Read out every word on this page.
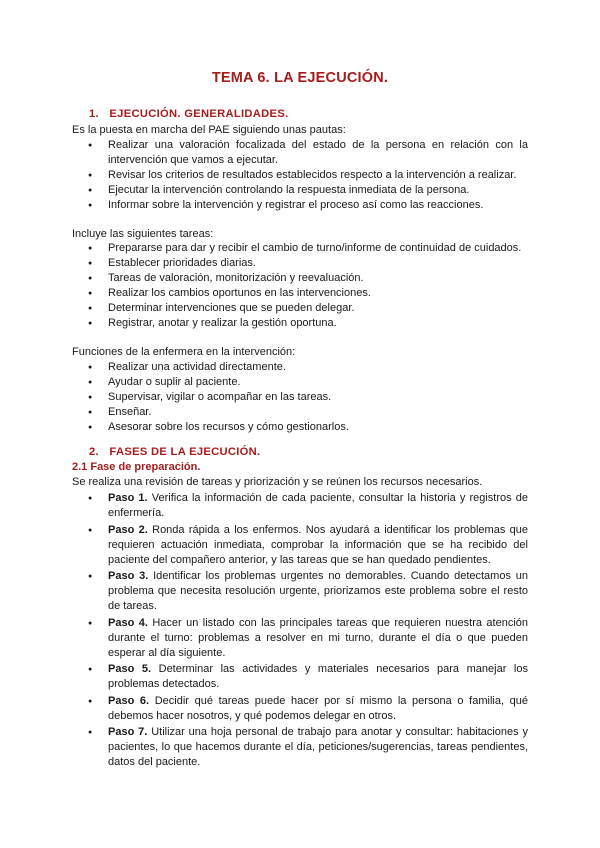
TEMA 6. LA EJECUCIÓN.
1. EJECUCIÓN. GENERALIDADES.
Es la puesta en marcha del PAE siguiendo unas pautas:
● Realizar una valoración focalizada del estado de la persona en relación con la intervención que vamos a ejecutar.
● Revisar los criterios de resultados establecidos respecto a la intervención a realizar.
● Ejecutar la intervención controlando la respuesta inmediata de la persona.
● Informar sobre la intervención y registrar el proceso así como las reacciones.
Incluye las siguientes tareas:
● Prepararse para dar y recibir el cambio de turno/informe de continuidad de cuidados.
● Establecer prioridades diarias.
● Tareas de valoración, monitorización y reevaluación.
● Realizar los cambios oportunos en las intervenciones.
● Determinar intervenciones que se pueden delegar.
● Registrar, anotar y realizar la gestión oportuna.
Funciones de la enfermera en la intervención:
● Realizar una actividad directamente.
● Ayudar o suplir al paciente.
● Supervisar, vigilar o acompañar en las tareas.
● Enseñar.
● Asesorar sobre los recursos y cómo gestionarlos.
2. FASES DE LA EJECUCIÓN.
2.1 Fase de preparación.
Se realiza una revisión de tareas y priorización y se reúnen los recursos necesarios.
● Paso 1. Verifica la información de cada paciente, consultar la historia y registros de enfermería.
● Paso 2. Ronda rápida a los enfermos. Nos ayudará a identificar los problemas que requieren actuación inmediata, comprobar la información que se ha recibido del paciente del compañero anterior, y las tareas que se han quedado pendientes.
● Paso 3. Identificar los problemas urgentes no demorables. Cuando detectamos un problema que necesita resolución urgente, priorizamos este problema sobre el resto de tareas.
● Paso 4. Hacer un listado con las principales tareas que requieren nuestra atención durante el turno: problemas a resolver en mi turno, durante el día o que pueden esperar al día siguiente.
● Paso 5. Determinar las actividades y materiales necesarios para manejar los problemas detectados.
● Paso 6. Decidir qué tareas puede hacer por sí mismo la persona o familia, qué debemos hacer nosotros, y qué podemos delegar en otros.
● Paso 7. Utilizar una hoja personal de trabajo para anotar y consultar: habitaciones y pacientes, lo que hacemos durante el día, peticiones/sugerencias, tareas pendientes, datos del paciente.
